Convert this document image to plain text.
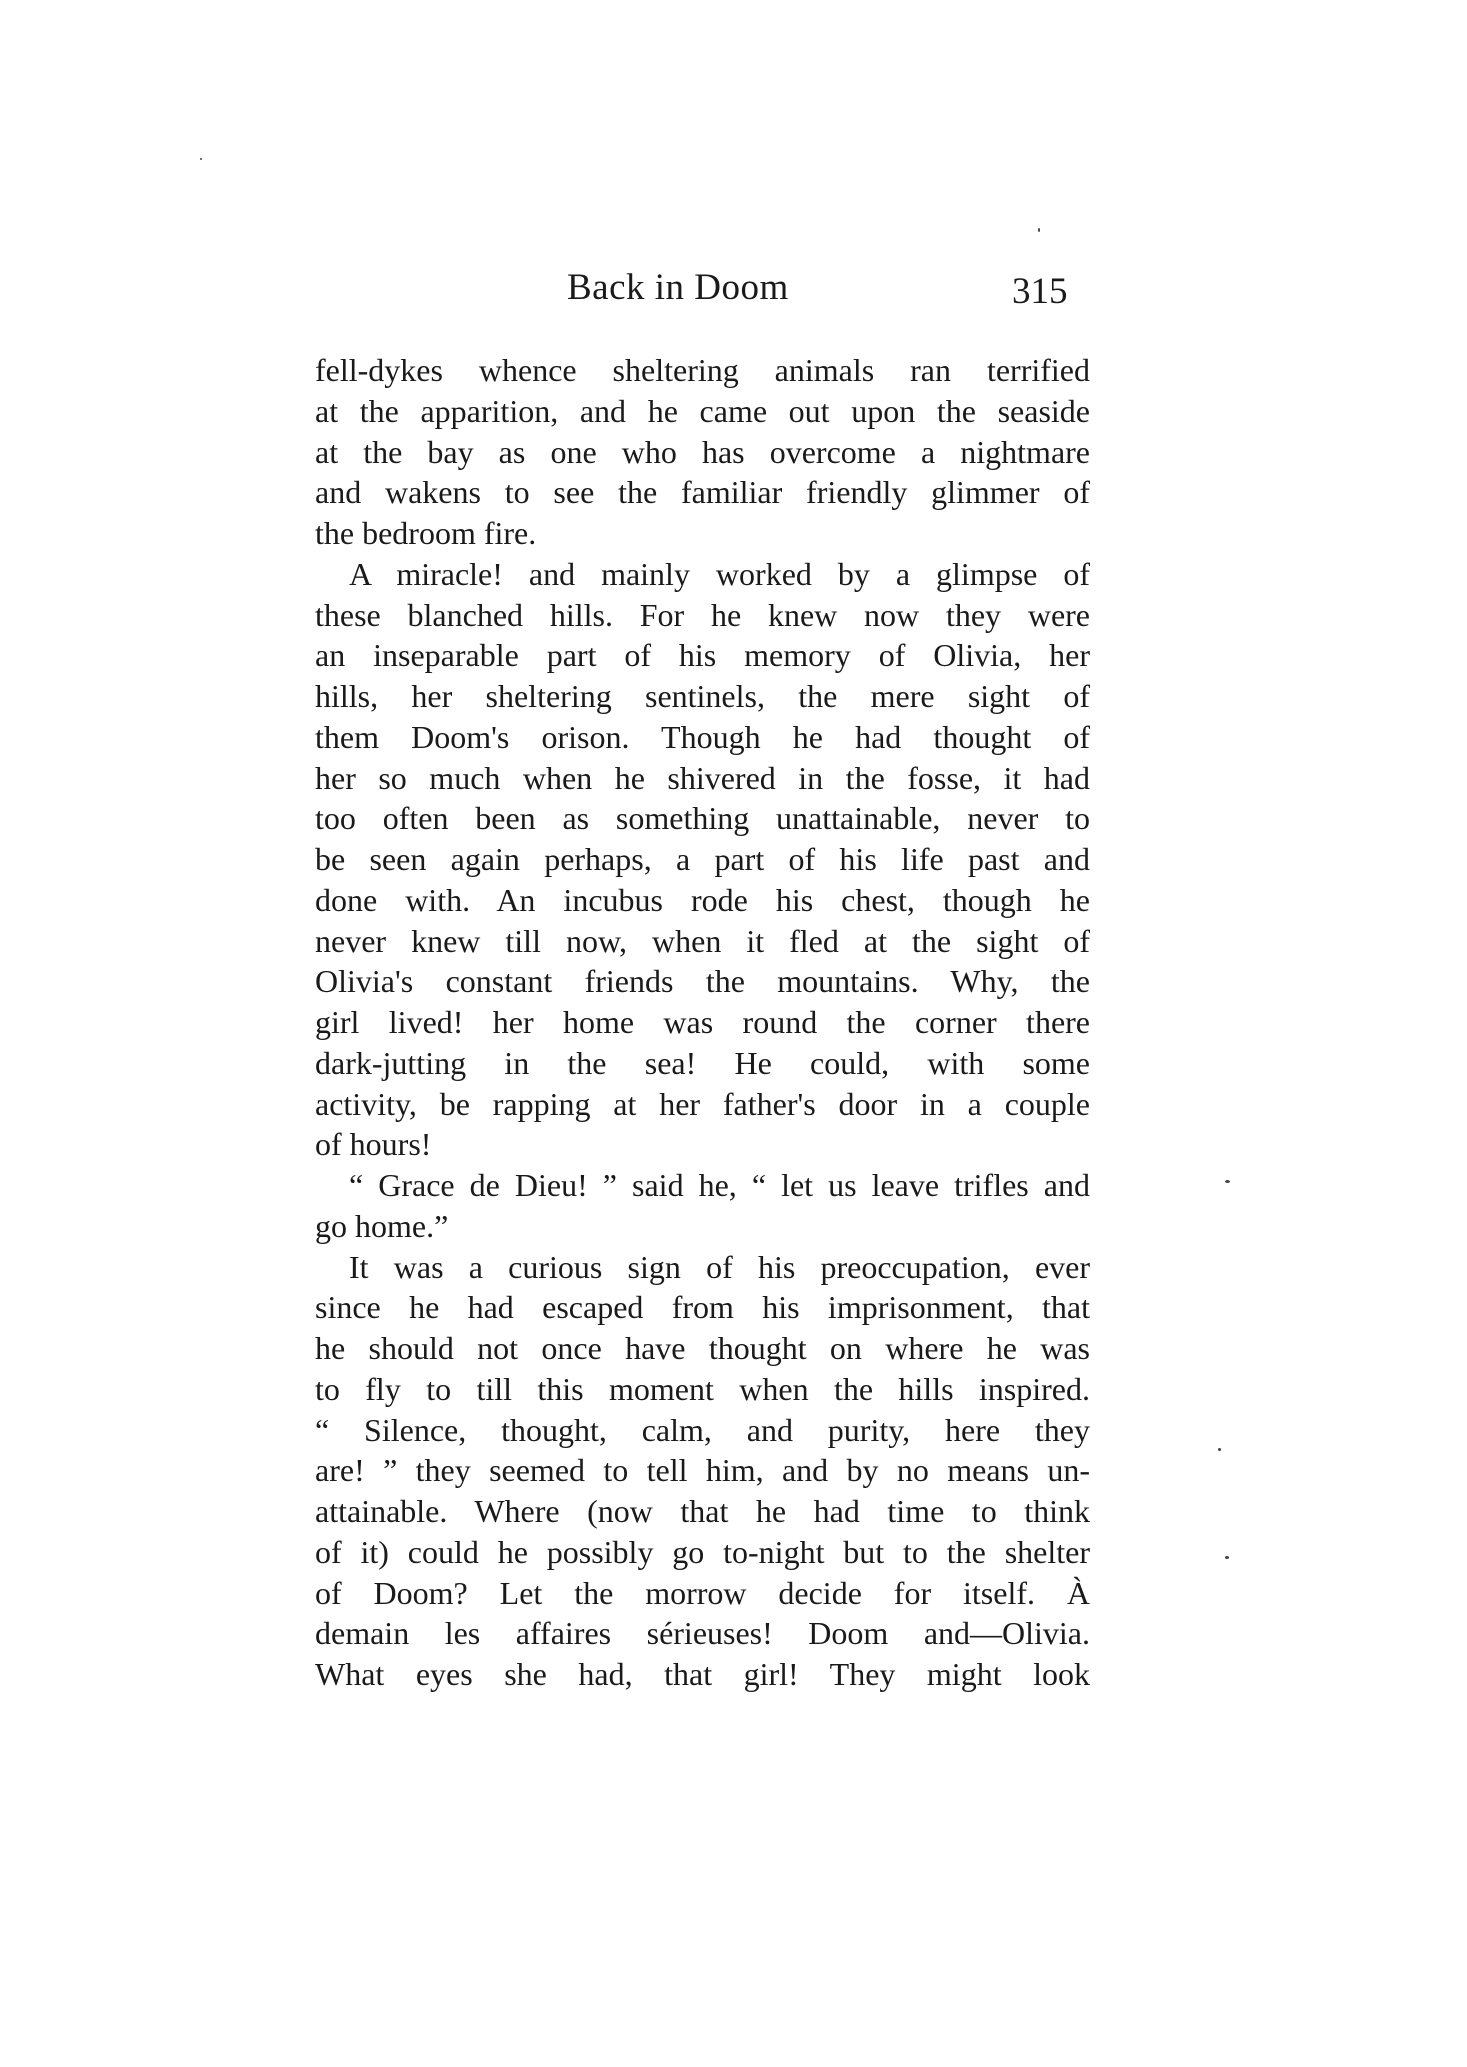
Back in Doom	315
fell-dykes whence sheltering animals ran terrified
at the apparition, and he came out upon the seaside
at the bay as one who has overcome a nightmare
and wakens to see the familiar friendly glimmer of
the bedroom fire.
A miracle! and mainly worked by a glimpse of
these blanched hills. For he knew now they were
an inseparable part of his memory of Olivia, her
hills, her sheltering sentinels, the mere sight of
them Doom's orison. Though he had thought of
her so much when he shivered in the fosse, it had
too often been as something unattainable, never to
be seen again perhaps, a part of his life past and
done with. An incubus rode his chest, though he
never knew till now, when it fled at the sight of
Olivia's constant friends the mountains. Why, the
girl lived! her home was round the corner there
dark-jutting in the sea! He could, with some
activity, be rapping at her father's door in a couple
of hours!
“ Grace de Dieu! ” said he, “ let us leave trifles and
go home.”
It was a curious sign of his preoccupation, ever
since he had escaped from his imprisonment, that
he should not once have thought on where he was
to fly to till this moment when the hills inspired.
“ Silence, thought, calm, and purity, here they
are! ” they seemed to tell him, and by no means un-
attainable. Where (now that he had time to think
of it) could he possibly go to-night but to the shelter
of Doom? Let the morrow decide for itself. À
demain les affaires sérieuses! Doom and—Olivia.
What eyes she had, that girl! They might look
